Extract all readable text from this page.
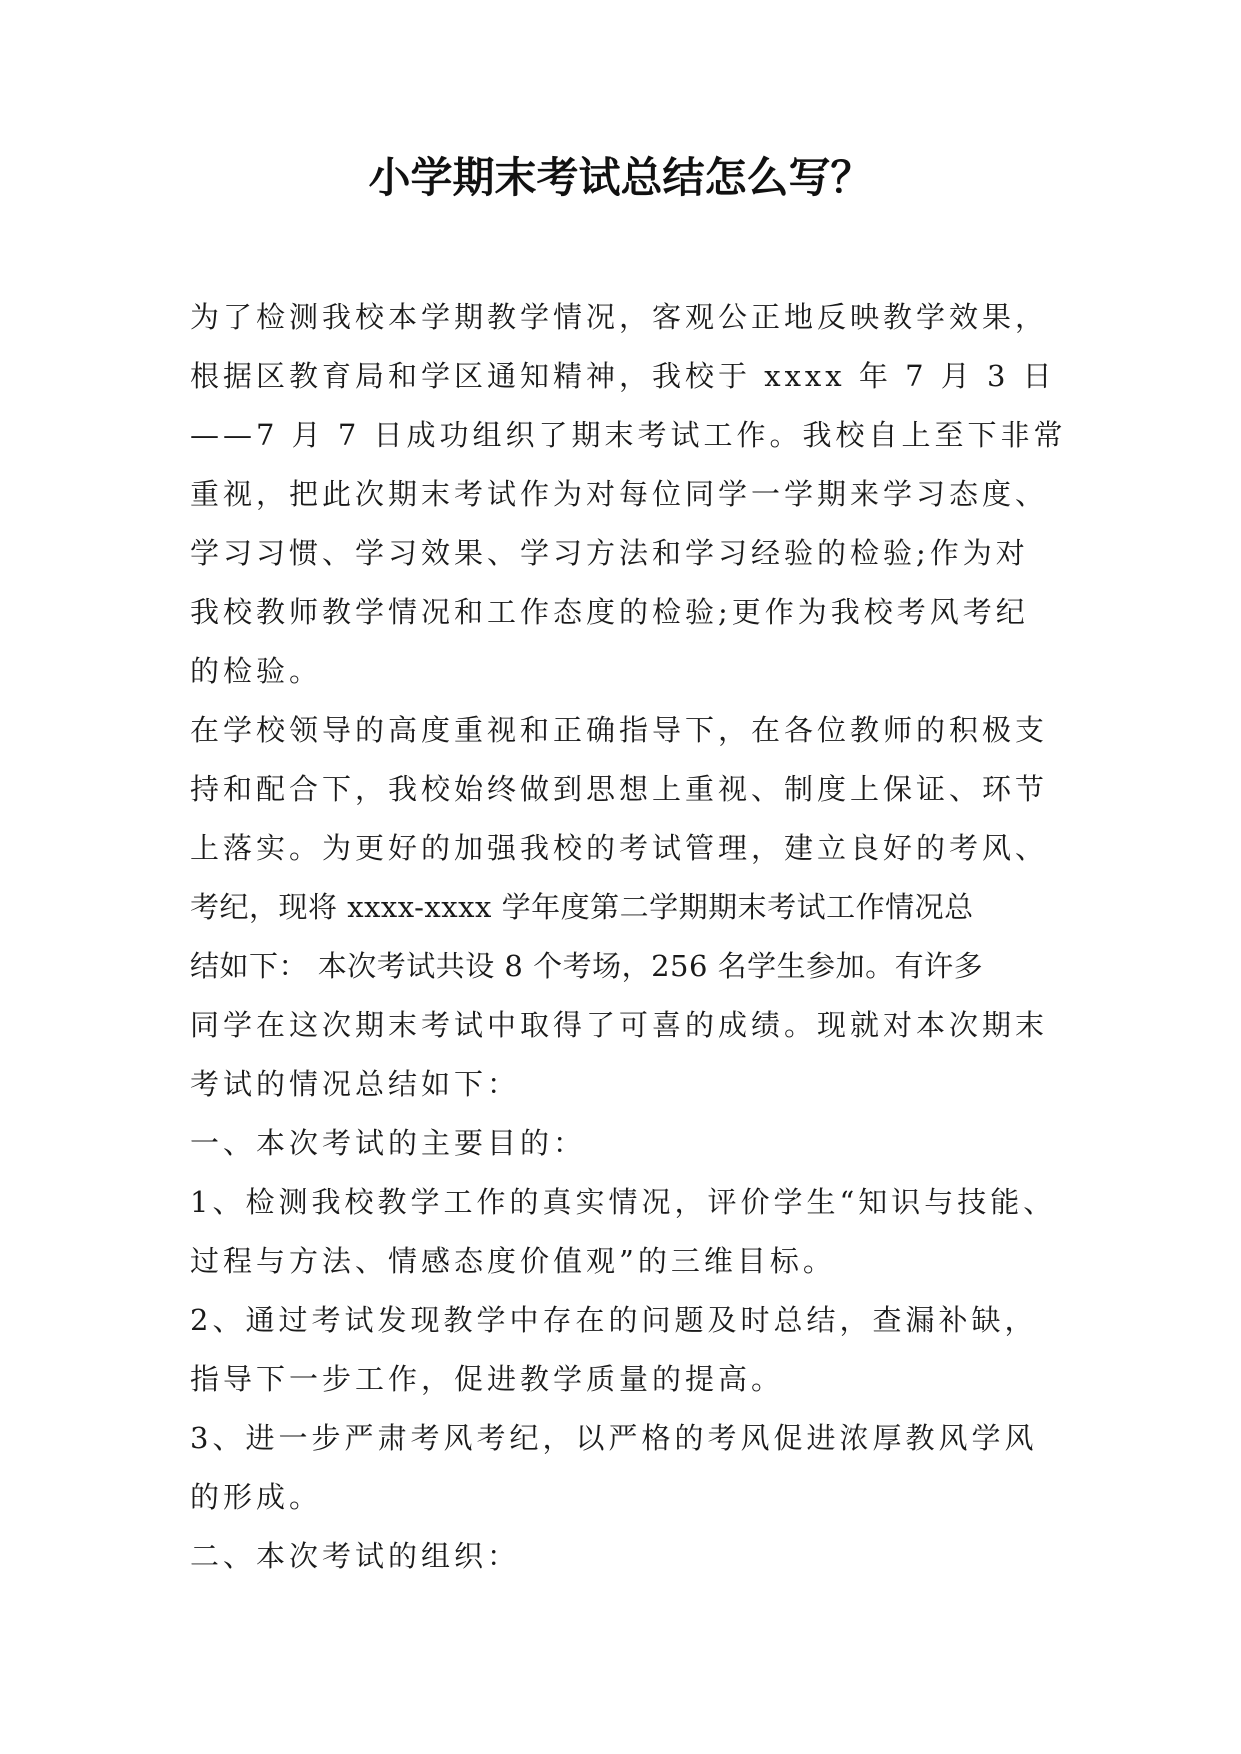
小学期末考试总结怎么写？
为了检测我校本学期教学情况，客观公正地反映教学效果，
根据区教育局和学区通知精神，我校于 xxxx 年 7 月 3 日
——7 月 7 日成功组织了期末考试工作。我校自上至下非常
重视，把此次期末考试作为对每位同学一学期来学习态度、
学习习惯、学习效果、学习方法和学习经验的检验;作为对
我校教师教学情况和工作态度的检验;更作为我校考风考纪
的检验。
在学校领导的高度重视和正确指导下，在各位教师的积极支
持和配合下，我校始终做到思想上重视、制度上保证、环节
上落实。为更好的加强我校的考试管理，建立良好的考风、
考纪，现将 xxxx-xxxx 学年度第二学期期末考试工作情况总
结如下： 本次考试共设 8 个考场，256 名学生参加。有许多
同学在这次期末考试中取得了可喜的成绩。现就对本次期末
考试的情况总结如下：
一、本次考试的主要目的：
1、检测我校教学工作的真实情况，评价学生“知识与技能、
过程与方法、情感态度价值观”的三维目标。
2、通过考试发现教学中存在的问题及时总结，查漏补缺，
指导下一步工作，促进教学质量的提高。
3、进一步严肃考风考纪，以严格的考风促进浓厚教风学风
的形成。
二、本次考试的组织：
